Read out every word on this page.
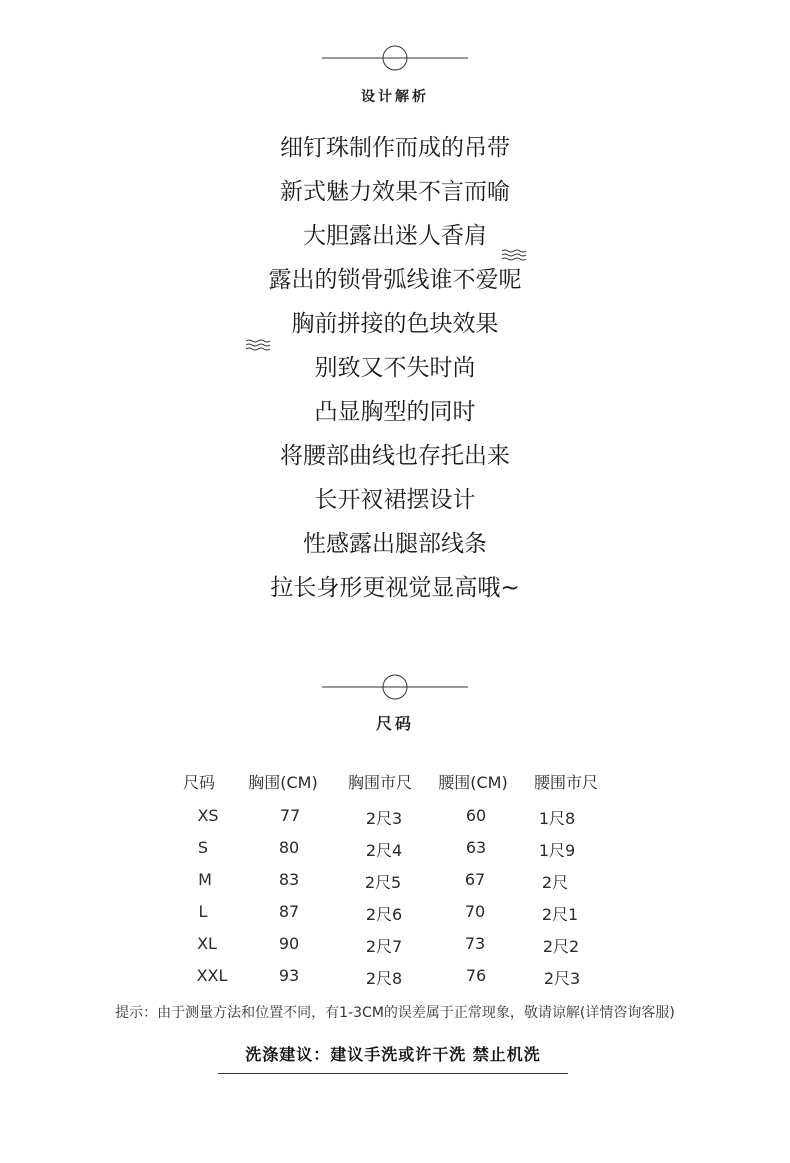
设计解析
细钉珠制作而成的吊带
新式魅力效果不言而喻
大胆露出迷人香肩
露出的锁骨弧线谁不爱呢
胸前拼接的色块效果
别致又不失时尚
凸显胸型的同时
将腰部曲线也存托出来
长开衩裙摆设计
性感露出腿部线条
拉长身形更视觉显高哦~
尺码
尺码 胸围(CM) 胸围市尺 腰围(CM) 腰围市尺
XS	77	2尺3	60	1尺8
S	80	2尺4	63	1尺9
M	83	2尺5	67	2尺
L	87	2尺6	70	2尺1
XL	90	2尺7	73	2尺2
XXL	93	2尺8	76	2尺3
提示：由于测量方法和位置不同，有1-3CM的误差属于正常现象，敬请谅解(详情咨询客服)
洗涤建议：建议手洗或许干洗 禁止机洗
